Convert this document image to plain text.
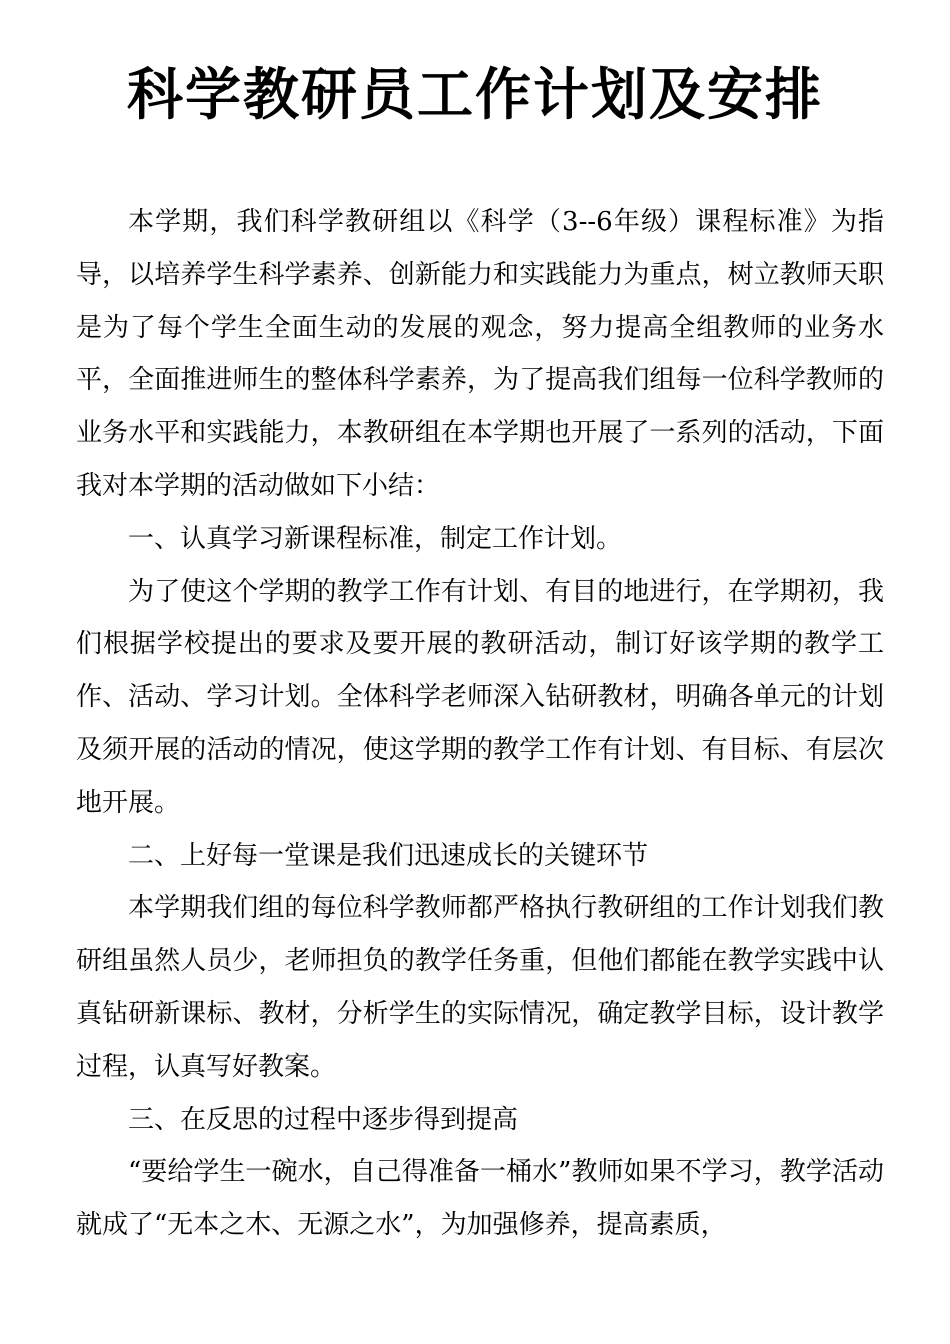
科学教研员工作计划及安排

本学期，我们科学教研组以《科学（3--6年级）课程标准》为指导，以培养学生科学素养、创新能力和实践能力为重点，树立教师天职是为了每个学生全面生动的发展的观念，努力提高全组教师的业务水平，全面推进师生的整体科学素养，为了提高我们组每一位科学教师的业务水平和实践能力，本教研组在本学期也开展了一系列的活动，下面我对本学期的活动做如下小结：

一、认真学习新课程标准，制定工作计划。

为了使这个学期的教学工作有计划、有目的地进行，在学期初，我们根据学校提出的要求及要开展的教研活动，制订好该学期的教学工作、活动、学习计划。全体科学老师深入钻研教材，明确各单元的计划及须开展的活动的情况，使这学期的教学工作有计划、有目标、有层次地开展。

二、上好每一堂课是我们迅速成长的关键环节

本学期我们组的每位科学教师都严格执行教研组的工作计划我们教研组虽然人员少，老师担负的教学任务重，但他们都能在教学实践中认真钻研新课标、教材，分析学生的实际情况，确定教学目标，设计教学过程，认真写好教案。

三、在反思的过程中逐步得到提高

“要给学生一碗水，自己得准备一桶水”教师如果不学习，教学活动就成了“无本之木、无源之水”，为加强修养，提高素质，
